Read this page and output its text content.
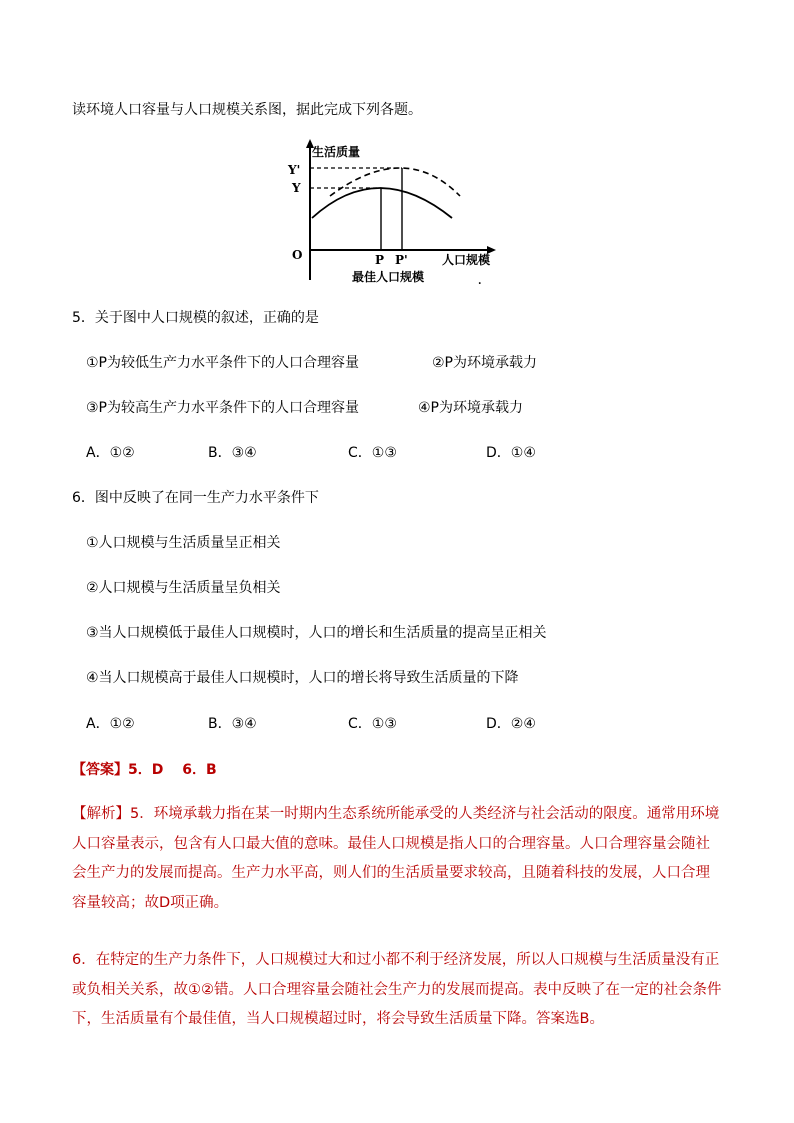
读环境人口容量与人口规模关系图，据此完成下列各题。
生活质量
Y'
Y
O	P P'	人口规模
最佳人口规模	.
5．关于图中人口规模的叙述，正确的是
①P为较低生产力水平条件下的人口合理容量	②P为环境承载力
③P为较高生产力水平条件下的人口合理容量	④P为环境承载力
A．①②	B．③④	C．①③	D．①④
6．图中反映了在同一生产力水平条件下
①人口规模与生活质量呈正相关
②人口规模与生活质量呈负相关
③当人口规模低于最佳人口规模时，人口的增长和生活质量的提高呈正相关
④当人口规模高于最佳人口规模时，人口的增长将导致生活质量的下降
A．①②	B．③④	C．①③	D．②④
【答案】5．D　 6．B
【解析】5．环境承载力指在某一时期内生态系统所能承受的人类经济与社会活动的限度。通常用环境人口容量表示，包含有人口最大值的意味。最佳人口规模是指人口的合理容量。人口合理容量会随社会生产力的发展而提高。生产力水平高，则人们的生活质量要求较高，且随着科技的发展，人口合理容量较高；故D项正确。
6．在特定的生产力条件下，人口规模过大和过小都不利于经济发展，所以人口规模与生活质量没有正或负相关关系，故①②错。人口合理容量会随社会生产力的发展而提高。表中反映了在一定的社会条件下，生活质量有个最佳值，当人口规模超过时，将会导致生活质量下降。答案选B。
